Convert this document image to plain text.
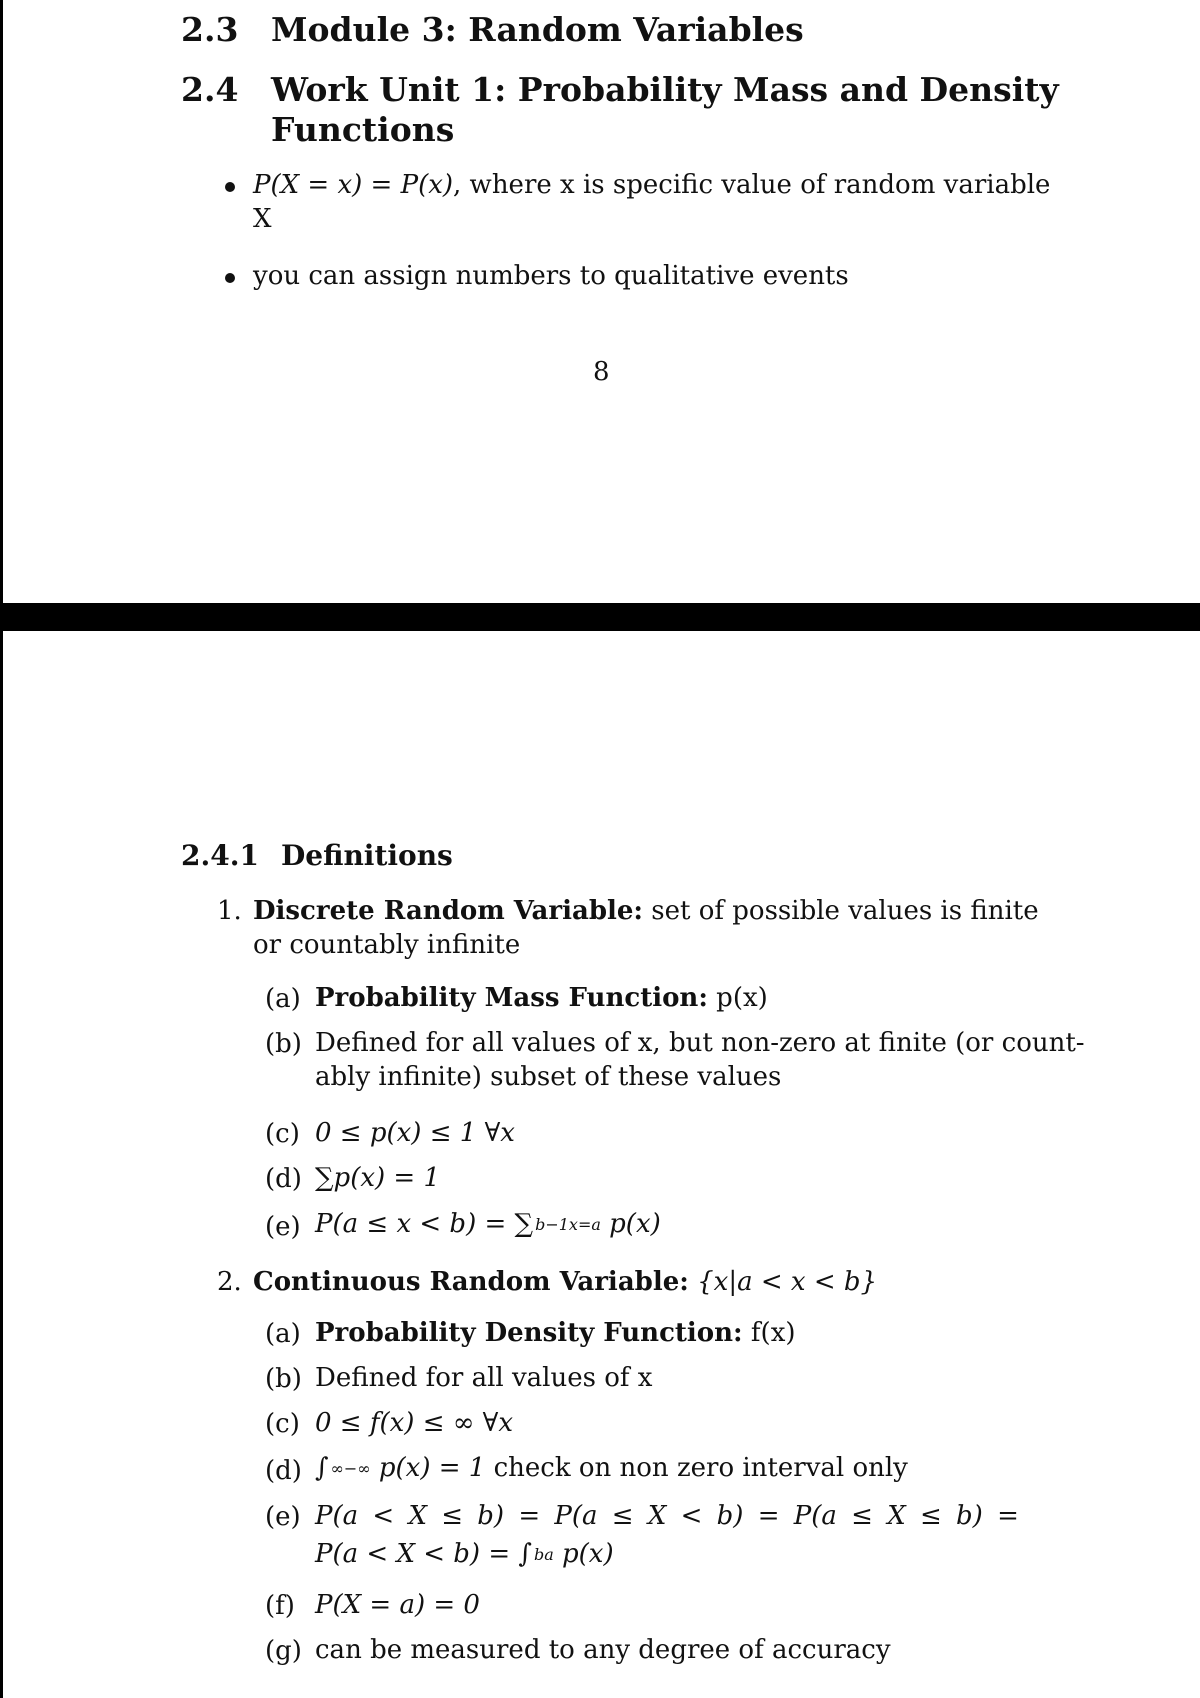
2.3 Module 3: Random Variables
2.4 Work Unit 1: Probability Mass and Density
Functions
P(X = x) = P(x), where x is specific value of random variable
X
you can assign numbers to qualitative events
8
2.4.1 Definitions
1. Discrete Random Variable: set of possible values is finite
or countably infinite
(a) Probability Mass Function: p(x)
(b) Defined for all values of x, but non-zero at finite (or count-
ably infinite) subset of these values
(c) 0 ≤ p(x) ≤ 1 ∀x
(d) ∑p(x) = 1
(e) P(a ≤ x < b) = ∑ b−1x=a p(x)
2. Continuous Random Variable: {x|a < x < b}
(a) Probability Density Function: f(x)
(b) Defined for all values of x
(c) 0 ≤ f(x) ≤ ∞ ∀x
(d) ∫ ∞−∞ p(x) = 1 check on non zero interval only
(e) P(a < X ≤ b) = P(a ≤ X < b) = P(a ≤ X ≤ b) =
P(a < X < b) = ∫ ba p(x)
(f) P(X = a) = 0
(g) can be measured to any degree of accuracy
